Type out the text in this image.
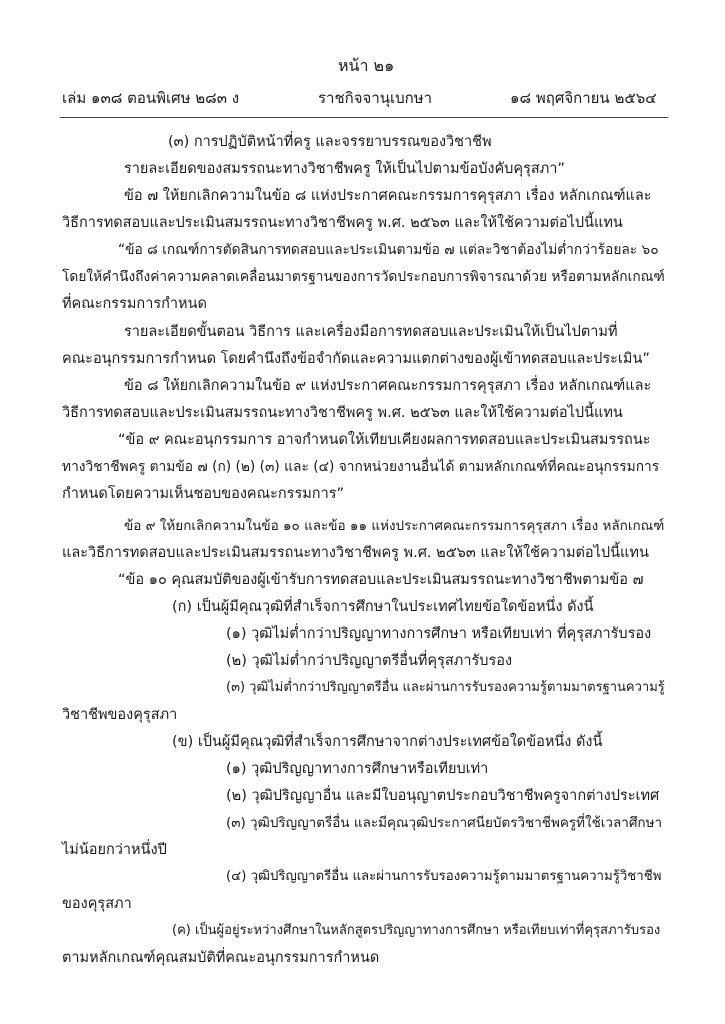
หน้า ๒๑
เล่ม ๑๓๘ ตอนพิเศษ ๒๘๓ ง	ราชกิจจานุเบกษา	๑๘ พฤศจิกายน ๒๕๖๔
(๓) การปฏิบัติหน้าที่ครู และจรรยาบรรณของวิชาชีพ
รายละเอียดของสมรรถนะทางวิชาชีพครู ให้เป็นไปตามข้อบังคับคุรุสภา”
ข้อ ๗ ให้ยกเลิกความในข้อ ๘ แห่งประกาศคณะกรรมการคุรุสภา เรื่อง หลักเกณฑ์และ
วิธีการทดสอบและประเมินสมรรถนะทางวิชาชีพครู พ.ศ. ๒๕๖๓ และให้ใช้ความต่อไปนี้แทน
“ข้อ ๘ เกณฑ์การตัดสินการทดสอบและประเมินตามข้อ ๗ แต่ละวิชาต้องไม่ต่ำกว่าร้อยละ ๖๐
โดยให้คำนึงถึงค่าความคลาดเคลื่อนมาตรฐานของการวัดประกอบการพิจารณาด้วย หรือตามหลักเกณฑ์
ที่คณะกรรมการกำหนด
รายละเอียดขั้นตอน วิธีการ และเครื่องมือการทดสอบและประเมินให้เป็นไปตามที่
คณะอนุกรรมการกำหนด โดยคำนึงถึงข้อจำกัดและความแตกต่างของผู้เข้าทดสอบและประเมิน”
ข้อ ๘ ให้ยกเลิกความในข้อ ๙ แห่งประกาศคณะกรรมการคุรุสภา เรื่อง หลักเกณฑ์และ
วิธีการทดสอบและประเมินสมรรถนะทางวิชาชีพครู พ.ศ. ๒๕๖๓ และให้ใช้ความต่อไปนี้แทน
“ข้อ ๙ คณะอนุกรรมการ อาจกำหนดให้เทียบเคียงผลการทดสอบและประเมินสมรรถนะ
ทางวิชาชีพครู ตามข้อ ๗ (ก) (๒) (๓) และ (๔) จากหน่วยงานอื่นได้ ตามหลักเกณฑ์ที่คณะอนุกรรมการ
กำหนดโดยความเห็นชอบของคณะกรรมการ”
ข้อ ๙ ให้ยกเลิกความในข้อ ๑๐ และข้อ ๑๑ แห่งประกาศคณะกรรมการคุรุสภา เรื่อง หลักเกณฑ์
และวิธีการทดสอบและประเมินสมรรถนะทางวิชาชีพครู พ.ศ. ๒๕๖๓ และให้ใช้ความต่อไปนี้แทน
“ข้อ ๑๐ คุณสมบัติของผู้เข้ารับการทดสอบและประเมินสมรรถนะทางวิชาชีพตามข้อ ๗
(ก) เป็นผู้มีคุณวุฒิที่สำเร็จการศึกษาในประเทศไทยข้อใดข้อหนึ่ง ดังนี้
(๑) วุฒิไม่ต่ำกว่าปริญญาทางการศึกษา หรือเทียบเท่า ที่คุรุสภารับรอง
(๒) วุฒิไม่ต่ำกว่าปริญญาตรีอื่นที่คุรุสภารับรอง
(๓) วุฒิไม่ต่ำกว่าปริญญาตรีอื่น และผ่านการรับรองความรู้ตามมาตรฐานความรู้
วิชาชีพของคุรุสภา
(ข) เป็นผู้มีคุณวุฒิที่สำเร็จการศึกษาจากต่างประเทศข้อใดข้อหนึ่ง ดังนี้
(๑) วุฒิปริญญาทางการศึกษาหรือเทียบเท่า
(๒) วุฒิปริญญาอื่น และมีใบอนุญาตประกอบวิชาชีพครูจากต่างประเทศ
(๓) วุฒิปริญญาตรีอื่น และมีคุณวุฒิประกาศนียบัตรวิชาชีพครูที่ใช้เวลาศึกษา
ไม่น้อยกว่าหนึ่งปี
(๔) วุฒิปริญญาตรีอื่น และผ่านการรับรองความรู้ตามมาตรฐานความรู้วิชาชีพ
ของคุรุสภา
(ค) เป็นผู้อยู่ระหว่างศึกษาในหลักสูตรปริญญาทางการศึกษา หรือเทียบเท่าที่คุรุสภารับรอง
ตามหลักเกณฑ์คุณสมบัติที่คณะอนุกรรมการกำหนด
